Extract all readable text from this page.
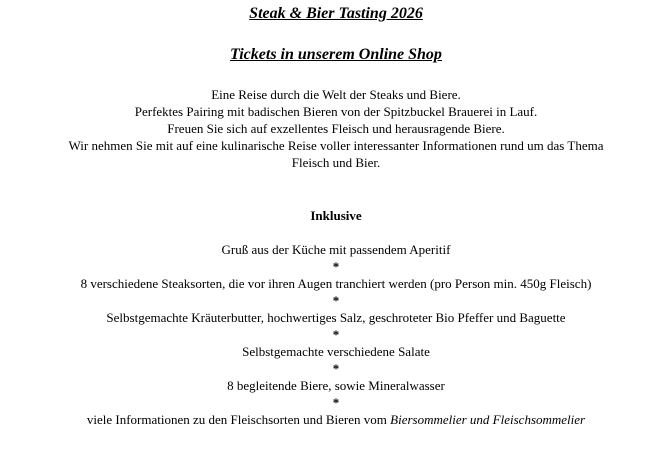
Steak & Bier Tasting 2026
Tickets in unserem Online Shop
Eine Reise durch die Welt der Steaks und Biere.
Perfektes Pairing mit badischen Bieren von der Spitzbuckel Brauerei in Lauf.
Freuen Sie sich auf exzellentes Fleisch und herausragende Biere.
Wir nehmen Sie mit auf eine kulinarische Reise voller interessanter Informationen rund um das Thema
Fleisch und Bier.
Inklusive
Gruß aus der Küche mit passendem Aperitif
*
8 verschiedene Steaksorten, die vor ihren Augen tranchiert werden (pro Person min. 450g Fleisch)
*
Selbstgemachte Kräuterbutter, hochwertiges Salz, geschroteter Bio Pfeffer und Baguette
*
Selbstgemachte verschiedene Salate
*
8 begleitende Biere, sowie Mineralwasser
*
viele Informationen zu den Fleischsorten und Bieren vom Biersommelier und Fleischsommelier
